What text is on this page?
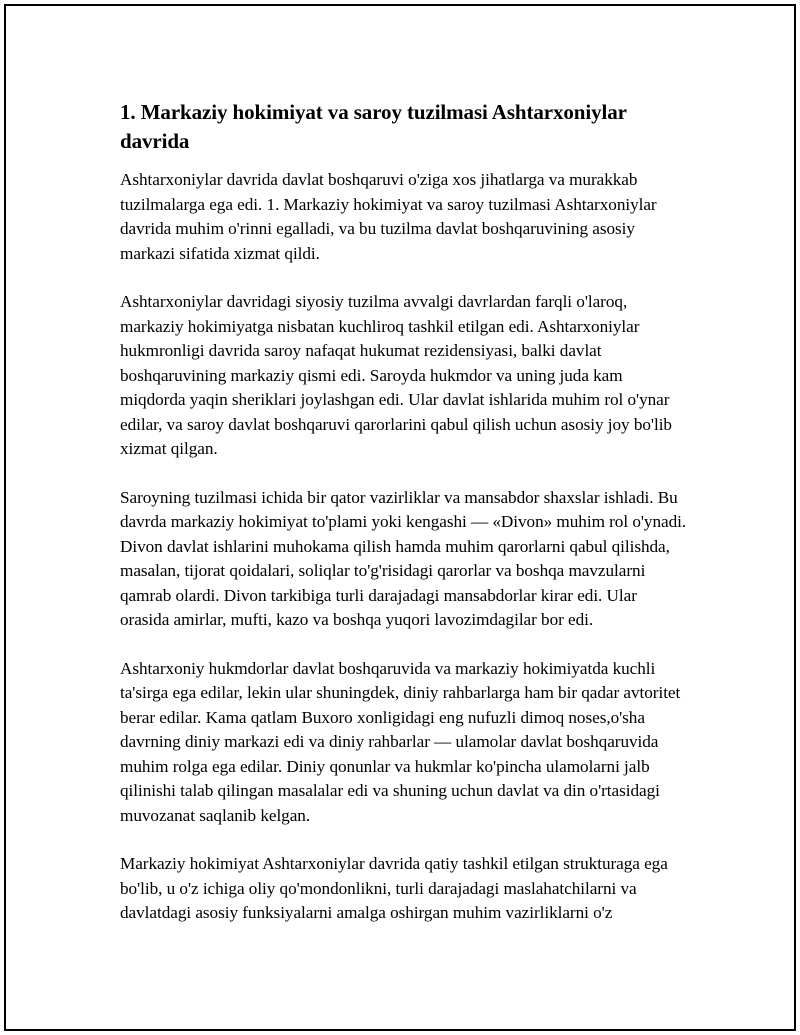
1. Markaziy hokimiyat va saroy tuzilmasi Ashtarxoniylar davrida

Ashtarxoniylar davrida davlat boshqaruvi o'ziga xos jihatlarga va murakkab tuzilmalarga ega edi. 1. Markaziy hokimiyat va saroy tuzilmasi Ashtarxoniylar davrida muhim o'rinni egalladi, va bu tuzilma davlat boshqaruvining asosiy markazi sifatida xizmat qildi.

Ashtarxoniylar davridagi siyosiy tuzilma avvalgi davrlardan farqli o'laroq, markaziy hokimiyatga nisbatan kuchliroq tashkil etilgan edi. Ashtarxoniylar hukmronligi davrida saroy nafaqat hukumat rezidensiyasi, balki davlat boshqaruvining markaziy qismi edi. Saroyda hukmdor va uning juda kam miqdorda yaqin sheriklari joylashgan edi. Ular davlat ishlarida muhim rol o'ynar edilar, va saroy davlat boshqaruvi qarorlarini qabul qilish uchun asosiy joy bo'lib xizmat qilgan.

Saroyning tuzilmasi ichida bir qator vazirliklar va mansabdor shaxslar ishladi. Bu davrda markaziy hokimiyat to'plami yoki kengashi — «Divon» muhim rol o'ynadi. Divon davlat ishlarini muhokama qilish hamda muhim qarorlarni qabul qilishda, masalan, tijorat qoidalari, soliqlar to'g'risidagi qarorlar va boshqa mavzularni qamrab olardi. Divon tarkibiga turli darajadagi mansabdorlar kirar edi. Ular orasida amirlar, mufti, kazo va boshqa yuqori lavozimdagilar bor edi.

Ashtarxoniy hukmdorlar davlat boshqaruvida va markaziy hokimiyatda kuchli ta'sirga ega edilar, lekin ular shuningdek, diniy rahbarlarga ham bir qadar avtoritet berar edilar. Kama qatlam Buxoro xonligidagi eng nufuzli dimoq noses,o'sha davrning diniy markazi edi va diniy rahbarlar — ulamolar davlat boshqaruvida muhim rolga ega edilar. Diniy qonunlar va hukmlar ko'pincha ulamolarni jalb qilinishi talab qilingan masalalar edi va shuning uchun davlat va din o'rtasidagi muvozanat saqlanib kelgan.

Markaziy hokimiyat Ashtarxoniylar davrida qatiy tashkil etilgan strukturaga ega bo'lib, u o'z ichiga oliy qo'mondonlikni, turli darajadagi maslahatchilarni va davlatdagi asosiy funksiyalarni amalga oshirgan muhim vazirliklarni o'z
